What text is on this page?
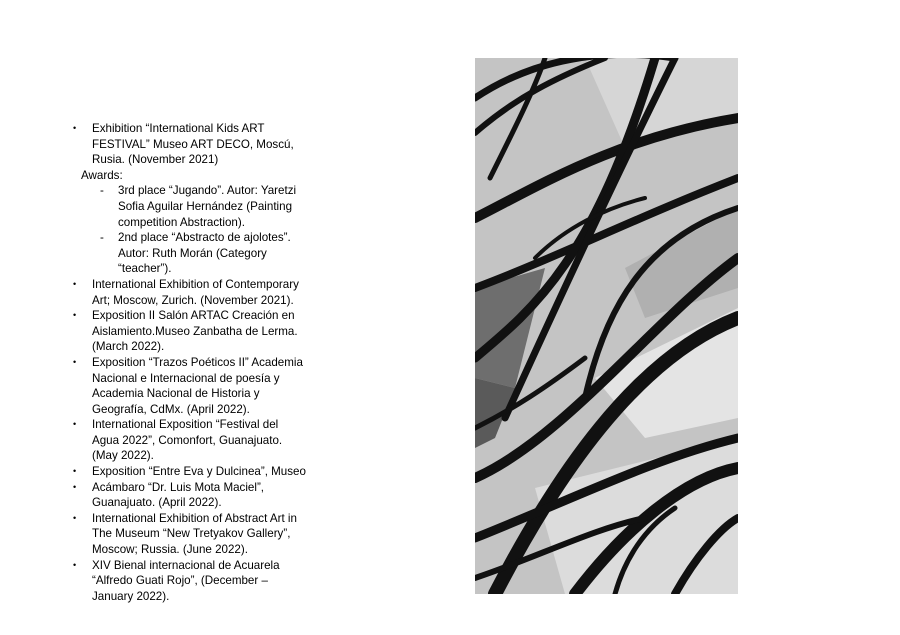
• Exhibition “International Kids ART
FESTIVAL” Museo ART DECO, Moscú,
Rusia. (November 2021)
Awards:
- 3rd place “Jugando”. Autor: Yaretzi
Sofia Aguilar Hernández (Painting
competition Abstraction).
- 2nd place “Abstracto de ajolotes”.
Autor: Ruth Morán (Category
“teacher”).
• International Exhibition of Contemporary
Art; Moscow, Zurich. (November 2021).
• Exposition II Salón ARTAC Creación en
Aislamiento.Museo Zanbatha de Lerma.
(March 2022).
• Exposition “Trazos Poéticos II” Academia
Nacional e Internacional de poesía y
Academia Nacional de Historia y
Geografía, CdMx. (April 2022).
• International Exposition “Festival del
Agua 2022”, Comonfort, Guanajuato.
(May 2022).
• Exposition “Entre Eva y Dulcinea”, Museo
• Acámbaro “Dr. Luis Mota Maciel”,
Guanajuato. (April 2022).
• International Exhibition of Abstract Art in
The Museum “New Tretyakov Gallery”,
Moscow; Russia. (June 2022).
• XIV Bienal internacional de Acuarela
“Alfredo Guati Rojo”, (December –
January 2022).
